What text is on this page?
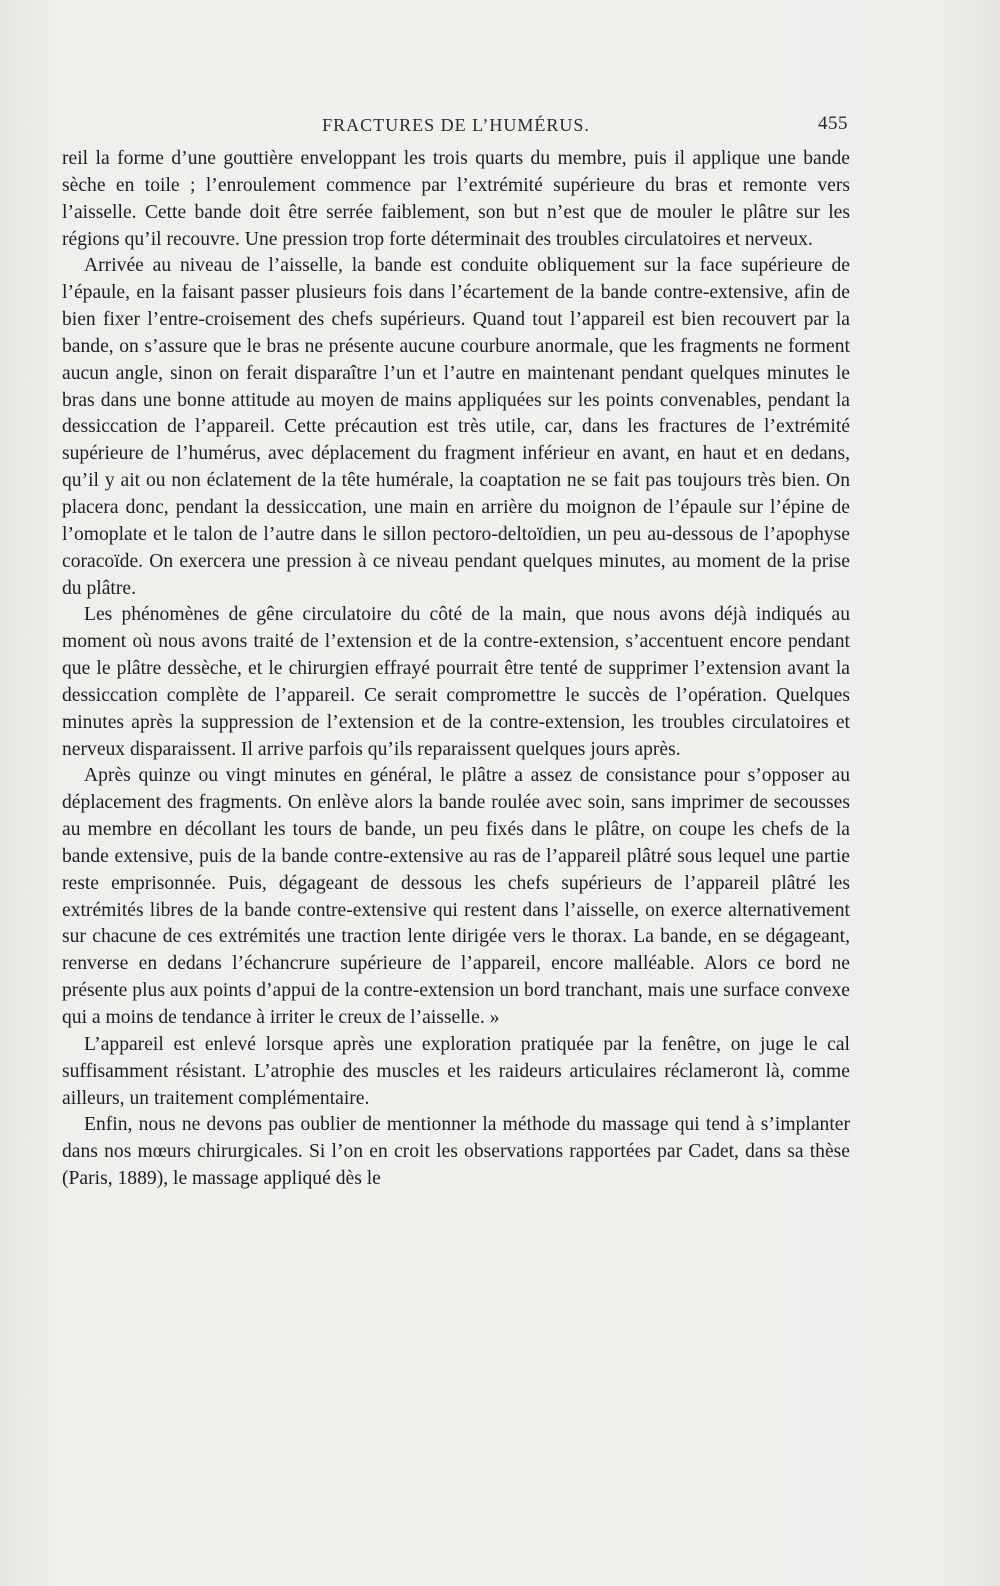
FRACTURES DE L’HUMÉRUS.	455

reil la forme d’une gouttière enveloppant les trois quarts du membre, puis il applique une bande sèche en toile ; l’enroulement commence par l’extrémité supérieure du bras et remonte vers l’aisselle. Cette bande doit être serrée faiblement, son but n’est que de mouler le plâtre sur les régions qu’il recouvre. Une pression trop forte déterminait des troubles circulatoires et nerveux.

Arrivée au niveau de l’aisselle, la bande est conduite obliquement sur la face supérieure de l’épaule, en la faisant passer plusieurs fois dans l’écartement de la bande contre-extensive, afin de bien fixer l’entre-croisement des chefs supérieurs. Quand tout l’appareil est bien recouvert par la bande, on s’assure que le bras ne présente aucune courbure anormale, que les fragments ne forment aucun angle, sinon on ferait disparaître l’un et l’autre en maintenant pendant quelques minutes le bras dans une bonne attitude au moyen de mains appliquées sur les points convenables, pendant la dessiccation de l’appareil. Cette précaution est très utile, car, dans les fractures de l’extrémité supérieure de l’humérus, avec déplacement du fragment inférieur en avant, en haut et en dedans, qu’il y ait ou non éclatement de la tête humérale, la coaptation ne se fait pas toujours très bien. On placera donc, pendant la dessiccation, une main en arrière du moignon de l’épaule sur l’épine de l’omoplate et le talon de l’autre dans le sillon pectoro-deltoïdien, un peu au-dessous de l’apophyse coracoïde. On exercera une pression à ce niveau pendant quelques minutes, au moment de la prise du plâtre.

Les phénomènes de gêne circulatoire du côté de la main, que nous avons déjà indiqués au moment où nous avons traité de l’extension et de la contre-extension, s’accentuent encore pendant que le plâtre dessèche, et le chirurgien effrayé pourrait être tenté de supprimer l’extension avant la dessiccation complète de l’appareil. Ce serait compromettre le succès de l’opération. Quelques minutes après la suppression de l’extension et de la contre-extension, les troubles circulatoires et nerveux disparaissent. Il arrive parfois qu’ils reparaissent quelques jours après.

Après quinze ou vingt minutes en général, le plâtre a assez de consistance pour s’opposer au déplacement des fragments. On enlève alors la bande roulée avec soin, sans imprimer de secousses au membre en décollant les tours de bande, un peu fixés dans le plâtre, on coupe les chefs de la bande extensive, puis de la bande contre-extensive au ras de l’appareil plâtré sous lequel une partie reste emprisonnée. Puis, dégageant de dessous les chefs supérieurs de l’appareil plâtré les extrémités libres de la bande contre-extensive qui restent dans l’aisselle, on exerce alternativement sur chacune de ces extrémités une traction lente dirigée vers le thorax. La bande, en se dégageant, renverse en dedans l’échancrure supérieure de l’appareil, encore malléable. Alors ce bord ne présente plus aux points d’appui de la contre-extension un bord tranchant, mais une surface convexe qui a moins de tendance à irriter le creux de l’aisselle. »

L’appareil est enlevé lorsque après une exploration pratiquée par la fenêtre, on juge le cal suffisamment résistant. L’atrophie des muscles et les raideurs articulaires réclameront là, comme ailleurs, un traitement complémentaire.

Enfin, nous ne devons pas oublier de mentionner la méthode du massage qui tend à s’implanter dans nos mœurs chirurgicales. Si l’on en croit les observations rapportées par Cadet, dans sa thèse (Paris, 1889), le massage appliqué dès le
